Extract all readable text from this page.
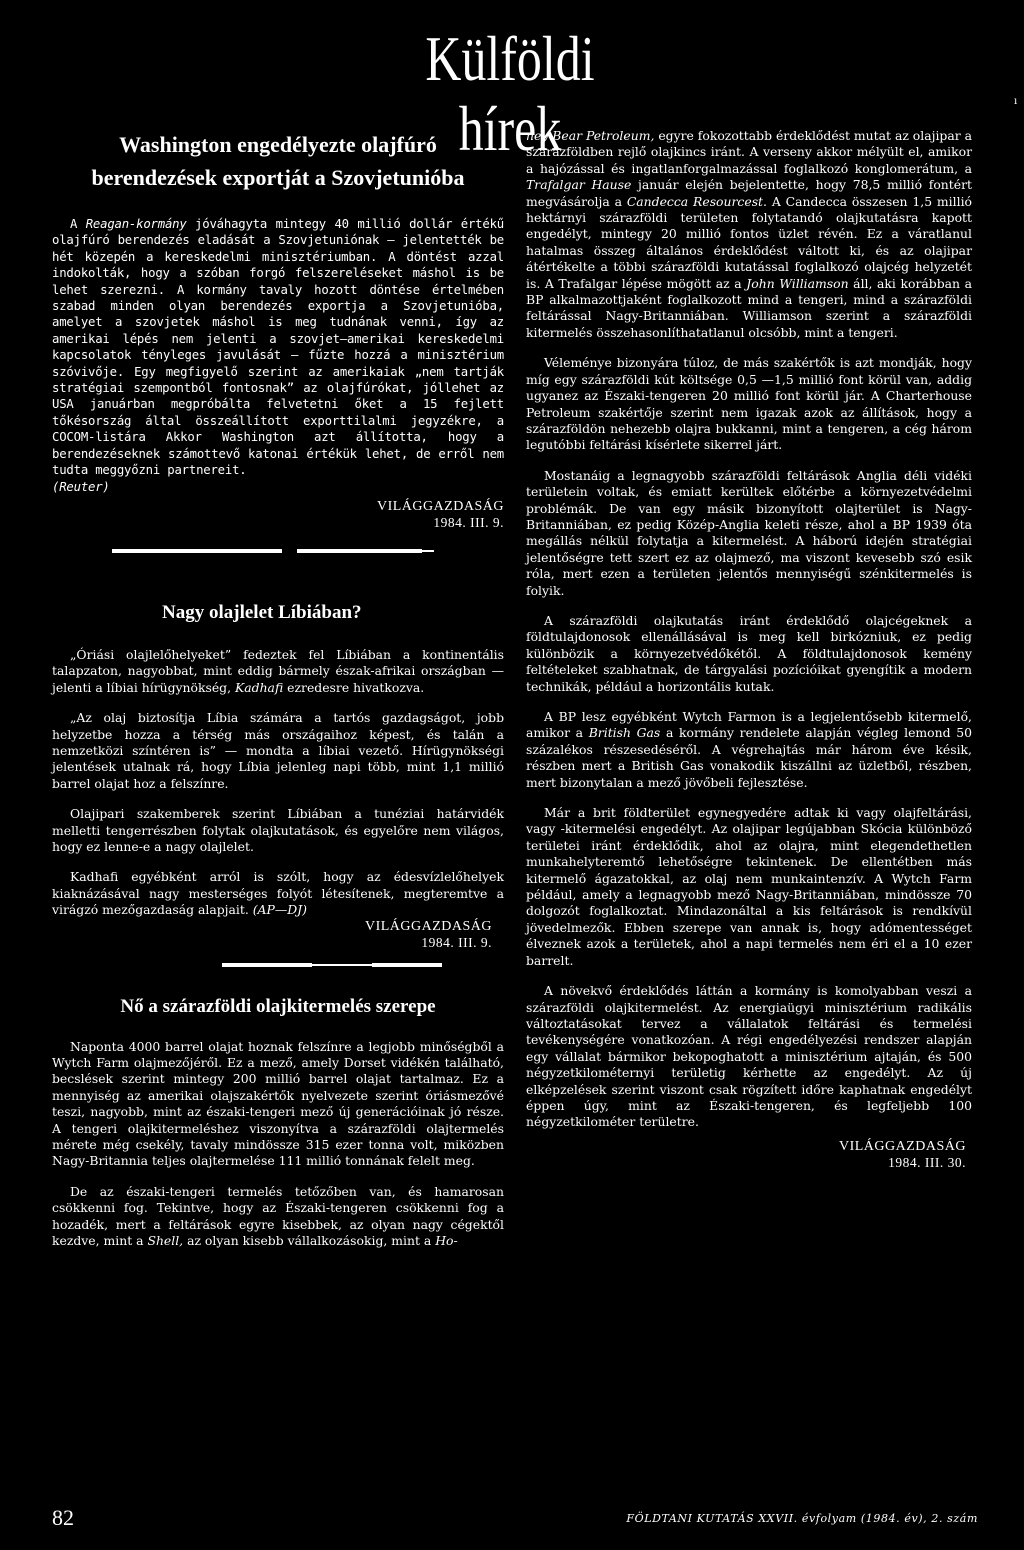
Külföldi hírek	ı
Washington engedélyezte olajfúró berendezések exportját a Szovjetunióba

A Reagan-kormány jóváhagyta mintegy 40 millió dollár értékű olajfúró berendezés eladását a Szovjetuniónak — jelentették be hét közepén a kereskedelmi minisztériumban. A döntést azzal indokolták, hogy a szóban forgó felszereléseket máshol is be lehet szerezni. A kormány tavaly hozott döntése értelmében szabad minden olyan berendezés exportja a Szovjetunióba, amelyet a szovjetek máshol is meg tudnának venni, így az amerikai lépés nem jelenti a szovjet—amerikai kereskedelmi kapcsolatok tényleges javulását — fűzte hozzá a minisztérium szóvivője. Egy megfigyelő szerint az amerikaiak „nem tartják stratégiai szempontból fontosnak” az olajfúrókat, jóllehet az USA januárban megpróbálta felvetetni őket a 15 fejlett tőkésország által összeállított exporttilalmi jegyzékre, a COCOM-listára Akkor Washington azt állította, hogy a berendezéseknek számottevő katonai értékük lehet, de erről nem tudta meggyőzni partnereit.
(Reuter)

VILÁGGAZDASÁG
1984. III. 9.
Nagy olajlelet Líbiában?

„Óriási olajlelőhelyeket” fedeztek fel Líbiában a kontinentális talapzaton, nagyobbat, mint eddig bármely észak-afrikai országban — jelenti a líbiai hírügynökség, Kadhafi ezredesre hivatkozva.

„Az olaj biztosítja Líbia számára a tartós gazdagságot, jobb helyzetbe hozza a térség más országaihoz képest, és talán a nemzetközi színtéren is” — mondta a líbiai vezető. Hírügynökségi jelentések utalnak rá, hogy Líbia jelenleg napi több, mint 1,1 millió barrel olajat hoz a felszínre.

Olajipari szakemberek szerint Líbiában a tunéziai határvidék melletti tengerrészben folytak olajkutatások, és egyelőre nem világos, hogy ez lenne-e a nagy olajlelet.

Kadhafi egyébként arról is szólt, hogy az édesvízlelőhelyek kiaknázásával nagy mesterséges folyót létesítenek, megteremtve a virágzó mezőgazdaság alapjait. (AP—DJ)

VILÁGGAZDASÁG
1984. III. 9.
Nő a szárazföldi olajkitermelés szerepe

Naponta 4000 barrel olajat hoznak felszínre a legjobb minőségből a Wytch Farm olajmezőjéről. Ez a mező, amely Dorset vidékén található, becslések szerint mintegy 200 millió barrel olajat tartalmaz. Ez a mennyiség az amerikai olajszakértők nyelvezete szerint óriásmezővé teszi, nagyobb, mint az északi-tengeri mező új generációinak jó része. A tengeri olajkitermeléshez viszonyítva a szárazföldi olajtermelés mérete még csekély, tavaly mindössze 315 ezer tonna volt, miközben Nagy-Britannia teljes olajtermelése 111 millió tonnának felelt meg.

De az északi-tengeri termelés tetőzőben van, és hamarosan csökkenni fog. Tekintve, hogy az Északi-tengeren csökkenni fog a hozadék, mert a feltárások egyre kisebbek, az olyan nagy cégektől kezdve, mint a Shell, az olyan kisebb vállalkozásokig, mint a Ho-

ney Bear Petroleum, egyre fokozottabb érdeklődést mutat az olajipar a szárazföldben rejlő olajkincs iránt. A verseny akkor mélyült el, amikor a hajózással és ingatlanforgalmazással foglalkozó konglomerátum, a Trafalgar Hause január elején bejelentette, hogy 78,5 millió fontért megvásárolja a Candecca Resourcest. A Candecca összesen 1,5 millió hektárnyi szárazföldi területen folytatandó olajkutatásra kapott engedélyt, mintegy 20 millió fontos üzlet révén. Ez a váratlanul hatalmas összeg általános érdeklődést váltott ki, és az olajipar átértékelte a többi szárazföldi kutatással foglalkozó olajcég helyzetét is. A Trafalgar lépése mögött az a John Williamson áll, aki korábban a BP alkalmazottjaként foglalkozott mind a tengeri, mind a szárazföldi feltárással Nagy-Britanniában. Williamson szerint a szárazföldi kitermelés összehasonlíthatatlanul olcsóbb, mint a tengeri.

Véleménye bizonyára túloz, de más szakértők is azt mondják, hogy míg egy szárazföldi kút költsége 0,5 —1,5 millió font körül van, addig ugyanez az Északi-tengeren 20 millió font körül jár. A Charterhouse Petroleum szakértője szerint nem igazak azok az állítások, hogy a szárazföldön nehezebb olajra bukkanni, mint a tengeren, a cég három legutóbbi feltárási kísérlete sikerrel járt.

Mostanáig a legnagyobb szárazföldi feltárások Anglia déli vidéki területein voltak, és emiatt kerültek előtérbe a környezetvédelmi problémák. De van egy másik bizonyított olajterület is Nagy-Britanniában, ez pedig Közép-Anglia keleti része, ahol a BP 1939 óta megállás nélkül folytatja a kitermelést. A háború idején stratégiai jelentőségre tett szert ez az olajmező, ma viszont kevesebb szó esik róla, mert ezen a területen jelentős mennyiségű szénkitermelés is folyik.

A szárazföldi olajkutatás iránt érdeklődő olajcégeknek a földtulajdonosok ellenállásával is meg kell birkózniuk, ez pedig különbözik a környezetvédőkétől. A földtulajdonosok kemény feltételeket szabhatnak, de tárgyalási pozícióikat gyengítik a modern technikák, például a horizontális kutak.

A BP lesz egyébként Wytch Farmon is a legjelentősebb kitermelő, amikor a British Gas a kormány rendelete alapján végleg lemond 50 százalékos részesedéséről. A végrehajtás már három éve késik, részben mert a British Gas vonakodik kiszállni az üzletből, részben, mert bizonytalan a mező jövőbeli fejlesztése.

Már a brit földterület egynegyedére adtak ki vagy olajfeltárási, vagy -kitermelési engedélyt. Az olajipar legújabban Skócia különböző területei iránt érdeklődik, ahol az olajra, mint elegendethetlen munkahelyteremtő lehetőségre tekintenek. De ellentétben más kitermelő ágazatokkal, az olaj nem munkaintenzív. A Wytch Farm például, amely a legnagyobb mező Nagy-Britanniában, mindössze 70 dolgozót foglalkoztat. Mindazonáltal a kis feltárások is rendkívül jövedelmezők. Ebben szerepe van annak is, hogy adómentességet élveznek azok a területek, ahol a napi termelés nem éri el a 10 ezer barrelt.

A növekvő érdeklődés láttán a kormány is komolyabban veszi a szárazföldi olajkitermelést. Az energiaügyi minisztérium radikális változtatásokat tervez a vállalatok feltárási és termelési tevékenységére vonatkozóan. A régi engedélyezési rendszer alapján egy vállalat bármikor bekopoghatott a minisztérium ajtaján, és 500 négyzetkilométernyi területig kérhette az engedélyt. Az új elképzelések szerint viszont csak rögzített időre kaphatnak engedélyt éppen úgy, mint az Északi-tengeren, és legfeljebb 100 négyzetkilométer területre.

VILÁGGAZDASÁG
1984. III. 30.
82	FÖLDTANI KUTATÁS XXVII. évfolyam (1984. év), 2. szám
